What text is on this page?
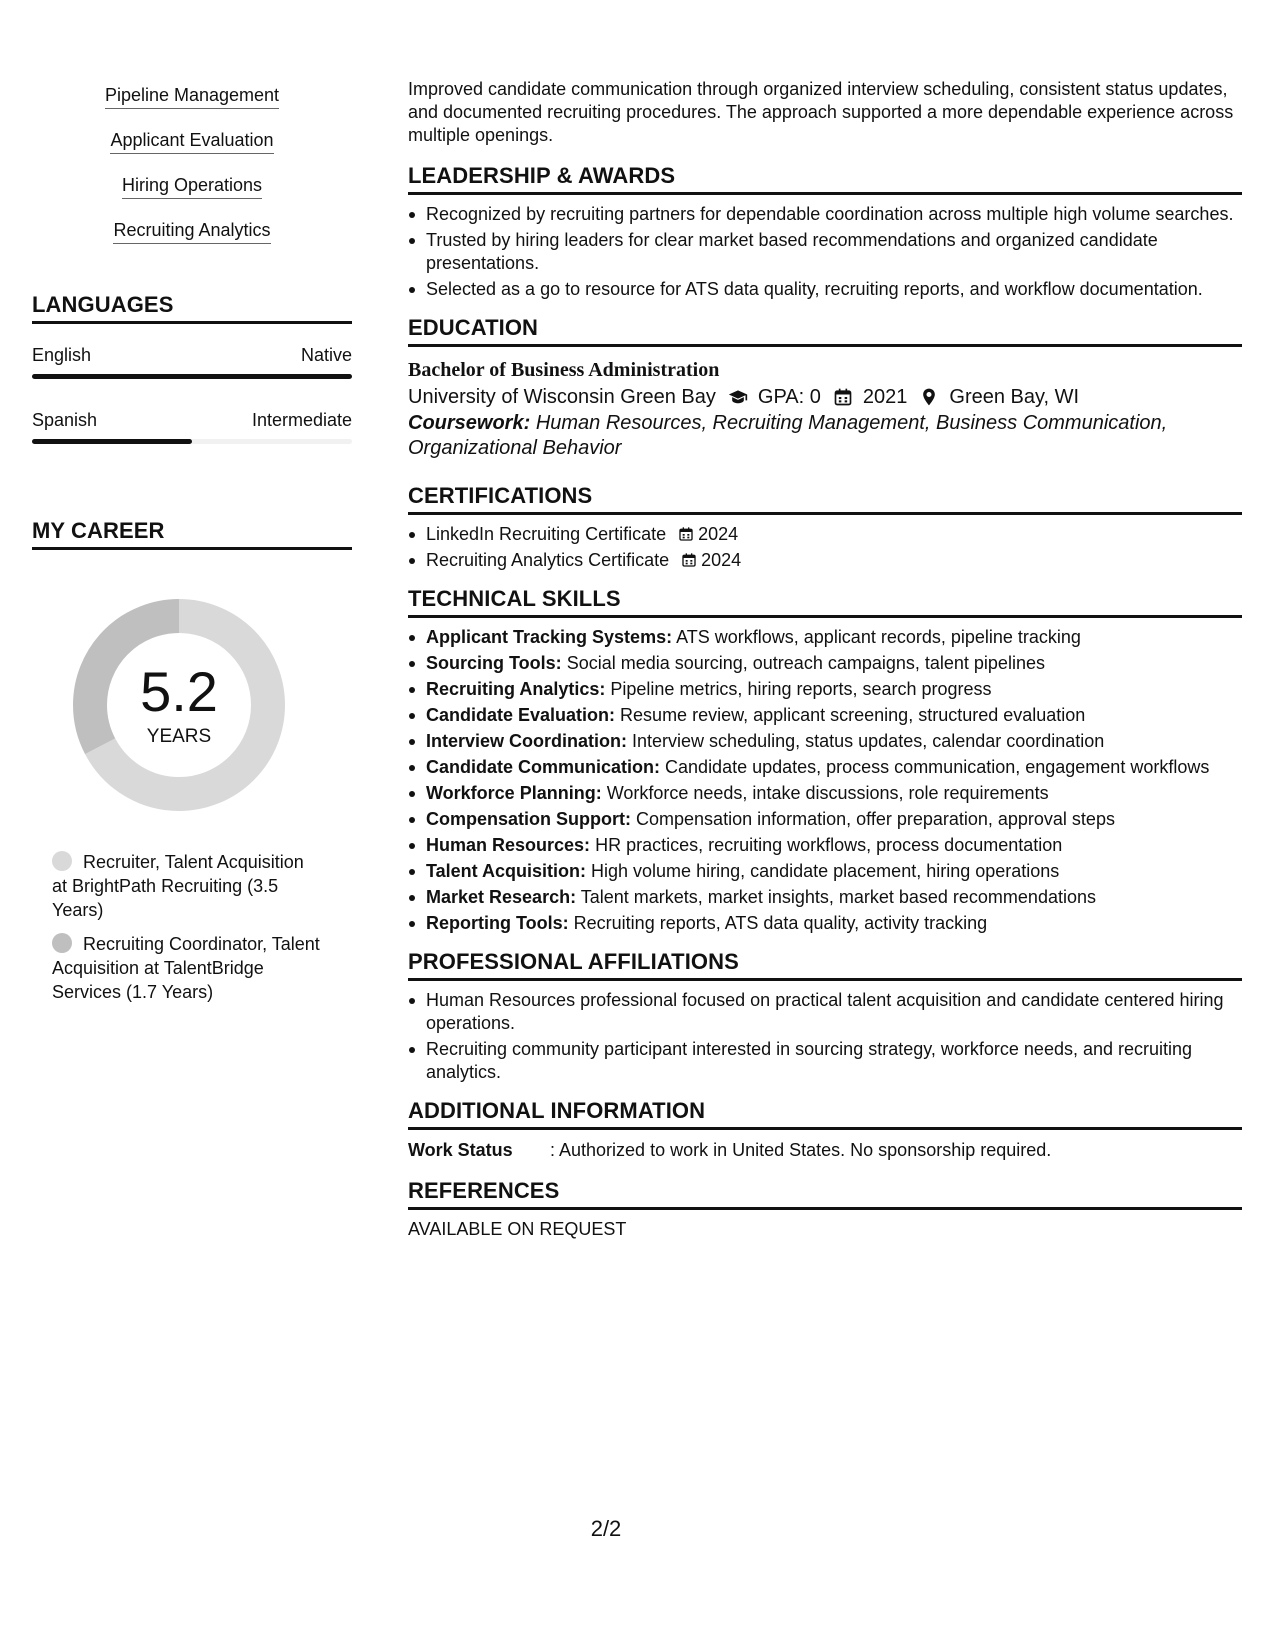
Pipeline Management
Applicant Evaluation
Hiring Operations
Recruiting Analytics
LANGUAGES
English	Native
Spanish	Intermediate
MY CAREER
5.2
YEARS
Recruiter, Talent Acquisition at BrightPath Recruiting (3.5 Years)
Recruiting Coordinator, Talent Acquisition at TalentBridge Services (1.7 Years)
Improved candidate communication through organized interview scheduling, consistent status updates, and documented recruiting procedures. The approach supported a more dependable experience across multiple openings.
LEADERSHIP & AWARDS
Recognized by recruiting partners for dependable coordination across multiple high volume searches.
Trusted by hiring leaders for clear market based recommendations and organized candidate presentations.
Selected as a go to resource for ATS data quality, recruiting reports, and workflow documentation.
EDUCATION
Bachelor of Business Administration
University of Wisconsin Green Bay GPA: 0 2021 Green Bay, WI
Coursework: Human Resources, Recruiting Management, Business Communication, Organizational Behavior
CERTIFICATIONS
LinkedIn Recruiting Certificate 2024
Recruiting Analytics Certificate 2024
TECHNICAL SKILLS
Applicant Tracking Systems: ATS workflows, applicant records, pipeline tracking
Sourcing Tools: Social media sourcing, outreach campaigns, talent pipelines
Recruiting Analytics: Pipeline metrics, hiring reports, search progress
Candidate Evaluation: Resume review, applicant screening, structured evaluation
Interview Coordination: Interview scheduling, status updates, calendar coordination
Candidate Communication: Candidate updates, process communication, engagement workflows
Workforce Planning: Workforce needs, intake discussions, role requirements
Compensation Support: Compensation information, offer preparation, approval steps
Human Resources: HR practices, recruiting workflows, process documentation
Talent Acquisition: High volume hiring, candidate placement, hiring operations
Market Research: Talent markets, market insights, market based recommendations
Reporting Tools: Recruiting reports, ATS data quality, activity tracking
PROFESSIONAL AFFILIATIONS
Human Resources professional focused on practical talent acquisition and candidate centered hiring operations.
Recruiting community participant interested in sourcing strategy, workforce needs, and recruiting analytics.
ADDITIONAL INFORMATION
Work Status	: Authorized to work in United States. No sponsorship required.
REFERENCES
AVAILABLE ON REQUEST
2/2
